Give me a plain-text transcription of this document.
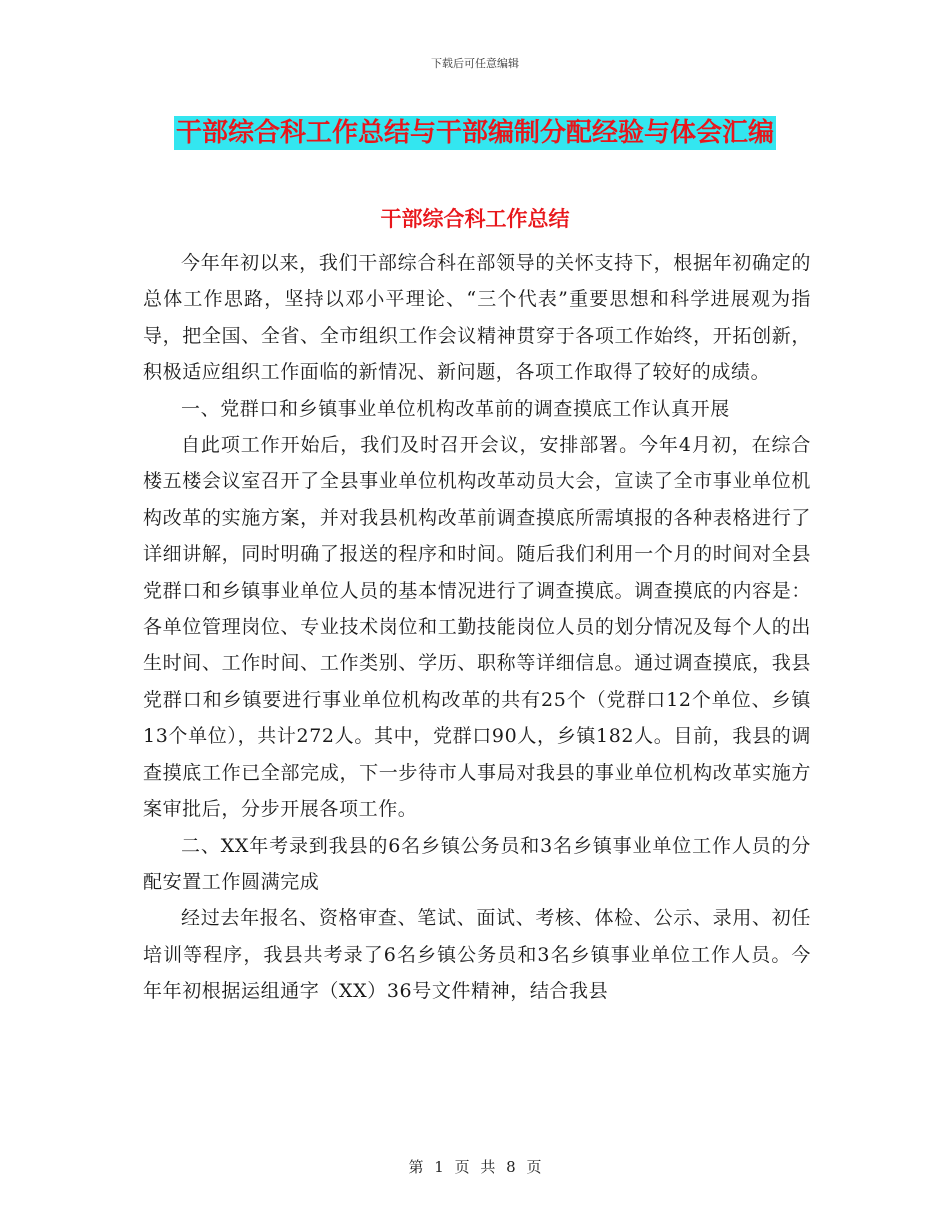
下载后可任意编辑
干部综合科工作总结与干部编制分配经验与体会汇编
干部综合科工作总结

今年年初以来，我们干部综合科在部领导的关怀支持下，根据年初确定的总体工作思路，坚持以邓小平理论、“三个代表”重要思想和科学进展观为指导，把全国、全省、全市组织工作会议精神贯穿于各项工作始终，开拓创新，积极适应组织工作面临的新情况、新问题，各项工作取得了较好的成绩。

一、党群口和乡镇事业单位机构改革前的调查摸底工作认真开展

自此项工作开始后，我们及时召开会议，安排部署。今年4月初，在综合楼五楼会议室召开了全县事业单位机构改革动员大会，宣读了全市事业单位机构改革的实施方案，并对我县机构改革前调查摸底所需填报的各种表格进行了详细讲解，同时明确了报送的程序和时间。随后我们利用一个月的时间对全县党群口和乡镇事业单位人员的基本情况进行了调查摸底。调查摸底的内容是：各单位管理岗位、专业技术岗位和工勤技能岗位人员的划分情况及每个人的出生时间、工作时间、工作类别、学历、职称等详细信息。通过调查摸底，我县党群口和乡镇要进行事业单位机构改革的共有25个（党群口12个单位、乡镇13个单位），共计272人。其中，党群口90人，乡镇182人。目前，我县的调查摸底工作已全部完成，下一步待市人事局对我县的事业单位机构改革实施方案审批后，分步开展各项工作。

二、XX年考录到我县的6名乡镇公务员和3名乡镇事业单位工作人员的分配安置工作圆满完成

经过去年报名、资格审查、笔试、面试、考核、体检、公示、录用、初任培训等程序，我县共考录了6名乡镇公务员和3名乡镇事业单位工作人员。今年年初根据运组通字（XX）36号文件精神，结合我县

第 1 页 共 8 页
